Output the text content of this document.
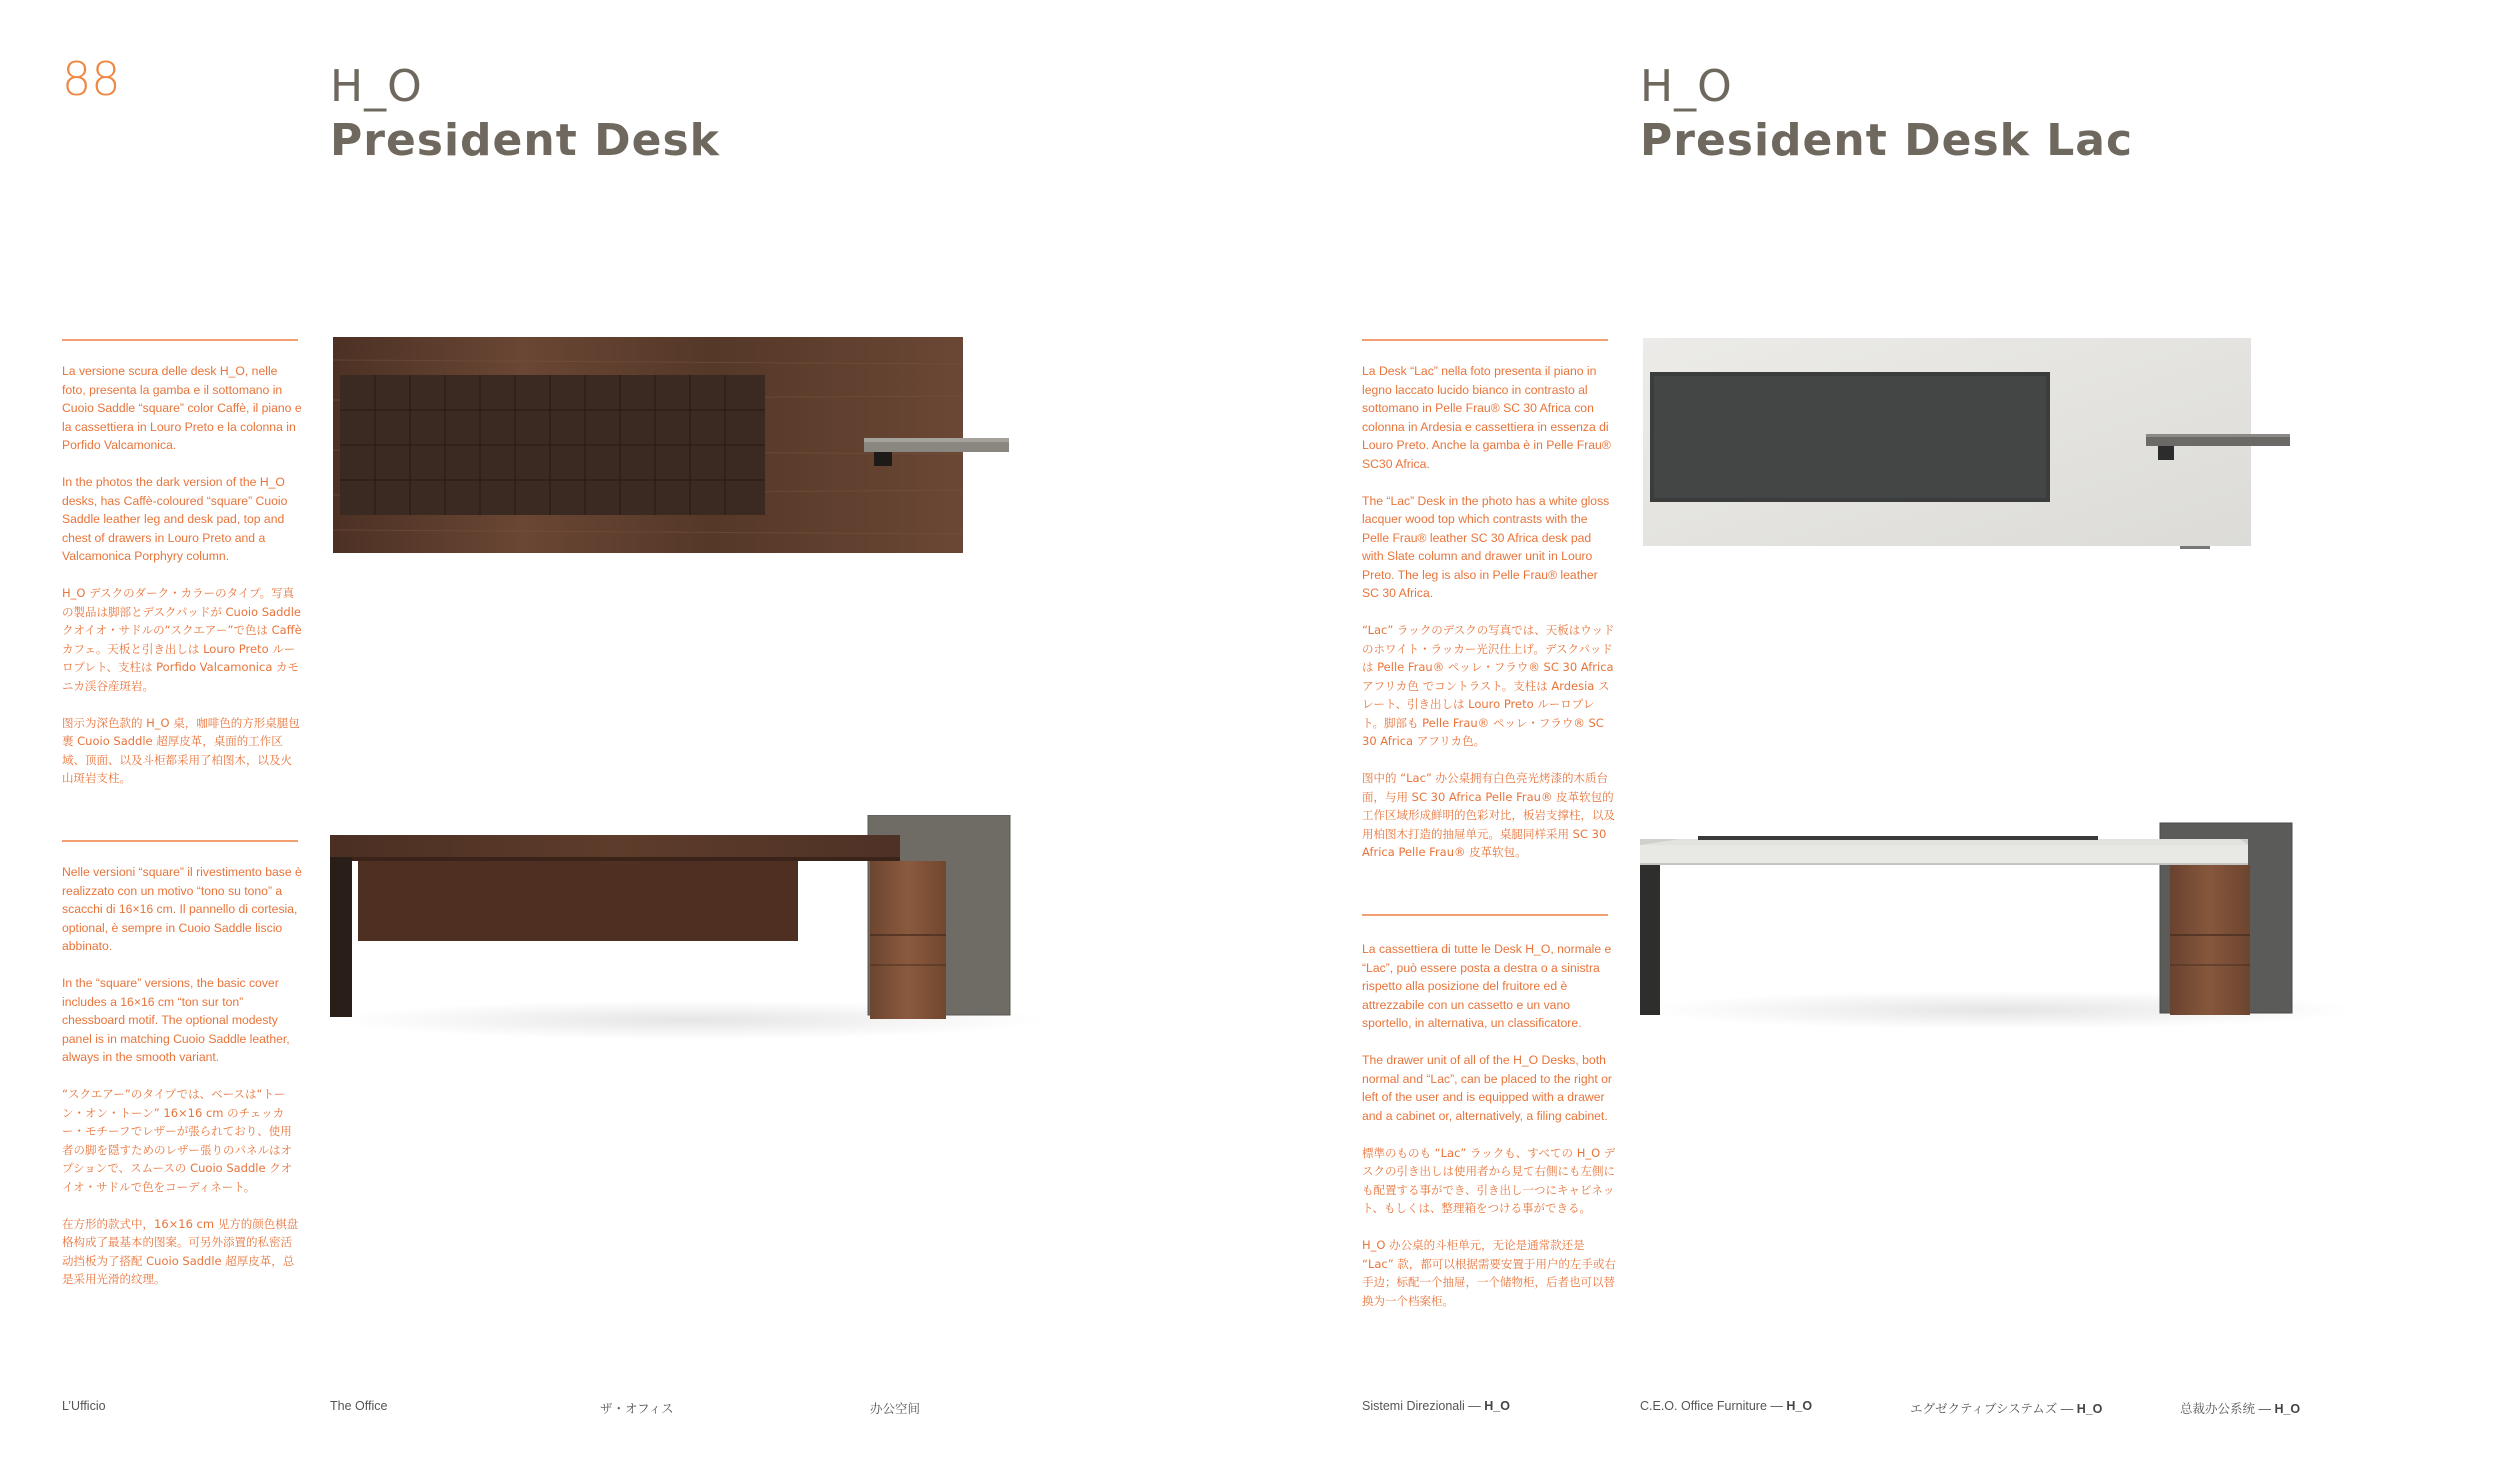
88	H_O
President Desk
H_O
President Desk Lac

La versione scura delle desk H_O, nelle foto, presenta la gamba e il sottomano in Cuoio Saddle “square” color Caffè, il piano e la cassettiera in Louro Preto e la colonna in Porfido Valcamonica.

In the photos the dark version of the H_O desks, has Caffè-coloured “square” Cuoio Saddle leather leg and desk pad, top and chest of drawers in Louro Preto and a Valcamonica Porphyry column.

H_O デスクのダーク・カラーのタイプ。写真の製品は脚部とデスクパッドが Cuoio Saddle クオイオ・サドルの“スクエアー”で色は Caffè カフェ。天板と引き出しは Louro Preto ルーロプレト、支柱は Porfido Valcamonica カモニカ渓谷産斑岩。

图示为深色款的 H_O 桌，咖啡色的方形桌腿包裹 Cuoio Saddle 超厚皮革，桌面的工作区域、顶面、以及斗柜都采用了柏图木，以及火山斑岩支柱。

Nelle versioni “square” il rivestimento base è realizzato con un motivo “tono su tono” a scacchi di 16×16 cm. Il pannello di cortesia, optional, è sempre in Cuoio Saddle liscio abbinato.

In the “square” versions, the basic cover includes a 16×16 cm “ton sur ton” chessboard motif. The optional modesty panel is in matching Cuoio Saddle leather, always in the smooth variant.

“スクエアー”のタイプでは、ベースは“トーン・オン・トーン” 16×16 cm のチェッカー・モチーフでレザーが張られており、使用者の脚を隠すためのレザー張りのパネルはオプションで、スムースの Cuoio Saddle クオイオ・サドルで色をコーディネート。

在方形的款式中，16×16 cm 见方的颜色棋盘格构成了最基本的图案。可另外添置的私密活动挡板为了搭配 Cuoio Saddle 超厚皮革，总是采用光滑的纹理。

La Desk “Lac” nella foto presenta il piano in legno laccato lucido bianco in contrasto al sottomano in Pelle Frau® SC 30 Africa con colonna in Ardesia e cassettiera in essenza di Louro Preto. Anche la gamba è in Pelle Frau® SC30 Africa.

The “Lac” Desk in the photo has a white gloss lacquer wood top which contrasts with the Pelle Frau® leather SC 30 Africa desk pad with Slate column and drawer unit in Louro Preto. The leg is also in Pelle Frau® leather SC 30 Africa.

“Lac” ラックのデスクの写真では、天板はウッドのホワイト・ラッカー光沢仕上げ。デスクパッドは Pelle Frau® ペッレ・フラウ® SC 30 Africa アフリカ色 でコントラスト。支柱は Ardesia スレート、引き出しは Louro Preto ルーロプレト。脚部も Pelle Frau® ペッレ・フラウ® SC 30 Africa アフリカ色。

图中的 “Lac” 办公桌拥有白色亮光烤漆的木质台面，与用 SC 30 Africa Pelle Frau® 皮革软包的工作区域形成鲜明的色彩对比，板岩支撑柱，以及用柏图木打造的抽屉单元。桌腿同样采用 SC 30 Africa Pelle Frau® 皮革软包。

La cassettiera di tutte le Desk H_O, normale e “Lac”, può essere posta a destra o a sinistra rispetto alla posizione del fruitore ed è attrezzabile con un cassetto e un vano sportello, in alternativa, un classificatore.

The drawer unit of all of the H_O Desks, both normal and “Lac”, can be placed to the right or left of the user and is equipped with a drawer and a cabinet or, alternatively, a filing cabinet.

標準のものも “Lac” ラックも、すべての H_O デスクの引き出しは使用者から見て右側にも左側にも配置する事ができ、引き出し一つにキャビネット、もしくは、整理箱をつける事ができる。

H_O 办公桌的斗柜单元，无论是通常款还是 “Lac” 款，都可以根据需要安置于用户的左手或右手边；标配一个抽屉，一个储物柜，后者也可以替换为一个档案柜。

L’Ufficio	The Office	ザ・オフィス	办公空间	Sistemi Direzionali — H_O	C.E.O. Office Furniture — H_O	エグゼクティブシステムズ — H_O	总裁办公系统 — H_O
